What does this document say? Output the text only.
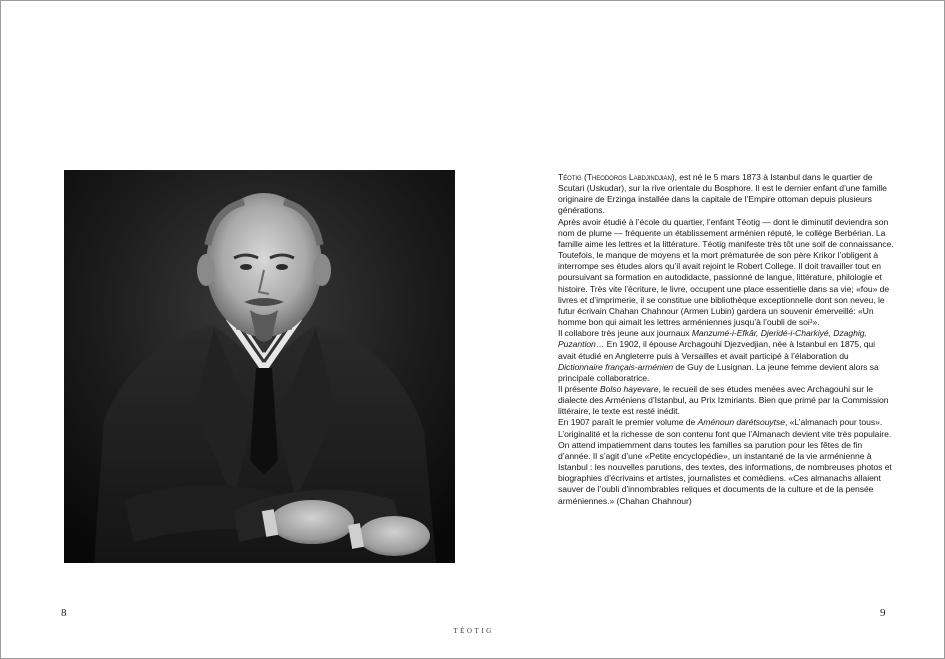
8

Téotig (Theodoros Labdjindjian), est né le 5 mars 1873 à Istanbul dans le quartier de Scutari (Uskudar), sur la rive orientale du Bosphore. Il est le dernier enfant d’une famille originaire de Erzinga installée dans la capitale de l’Empire ottoman depuis plusieurs générations.

Après avoir étudié à l’école du quartier, l’enfant Téotig — dont le diminutif deviendra son nom de plume — fréquente un établissement arménien réputé, le collège Berbérian. La famille aime les lettres et la littérature. Téotig manifeste très tôt une soif de connaissance. Toutefois, le manque de moyens et la mort prématurée de son père Krikor l’obligent à interrompe ses études alors qu’il avait rejoint le Robert College. Il doit travailler tout en poursuivant sa formation en autodidacte, passionné de langue, littérature, philologie et histoire. Très vite l’écriture, le livre, occupent une place essentielle dans sa vie; «fou» de livres et d’imprimerie, il se constitue une bibliothèque exceptionnelle dont son neveu, le futur écrivain Chahan Chahnour (Armen Lubin) gardera un souvenir émerveillé: «Un homme bon qui aimait les lettres arméniennes jusqu’à l’oubli de soi¹».

Il collabore très jeune aux journaux Manzumé-i-Efkâr, Djeridé-i-Charkiyé, Dzaghig, Puzantion… En 1902, il épouse Archagouhi Djezvedjian, née à Istanbul en 1875, qui avait étudié en Angleterre puis à Versailles et avait participé à l’élaboration du Dictionnaire français-arménien de Guy de Lusignan. La jeune femme devient alors sa principale collaboratrice.

Il présente Bolso hayevare, le recueil de ses études menées avec Archagouhi sur le dialecte des Arméniens d’Istanbul, au Prix Izmiriants. Bien que primé par la Commission littéraire, le texte est resté inédit.

En 1907 paraît le premier volume de Aménoun darétsouytse, «L’almanach pour tous». L’originalité et la richesse de son contenu font que l’Almanach devient vite très populaire. On attend impatiemment dans toutes les familles sa parution pour les fêtes de fin d’année. Il s’agit d’une «Petite encyclopédie», un instantané de la vie arménienne à Istanbul : les nouvelles parutions, des textes, des informations, de nombreuses photos et biographies d’écrivains et artistes, journalistes et comédiens. «Ces almanachs allaient sauver de l’oubli d’innombrables reliques et documents de la culture et de la pensée arméniennes.» (Chahan Chahnour)

9
TÉOTIG
